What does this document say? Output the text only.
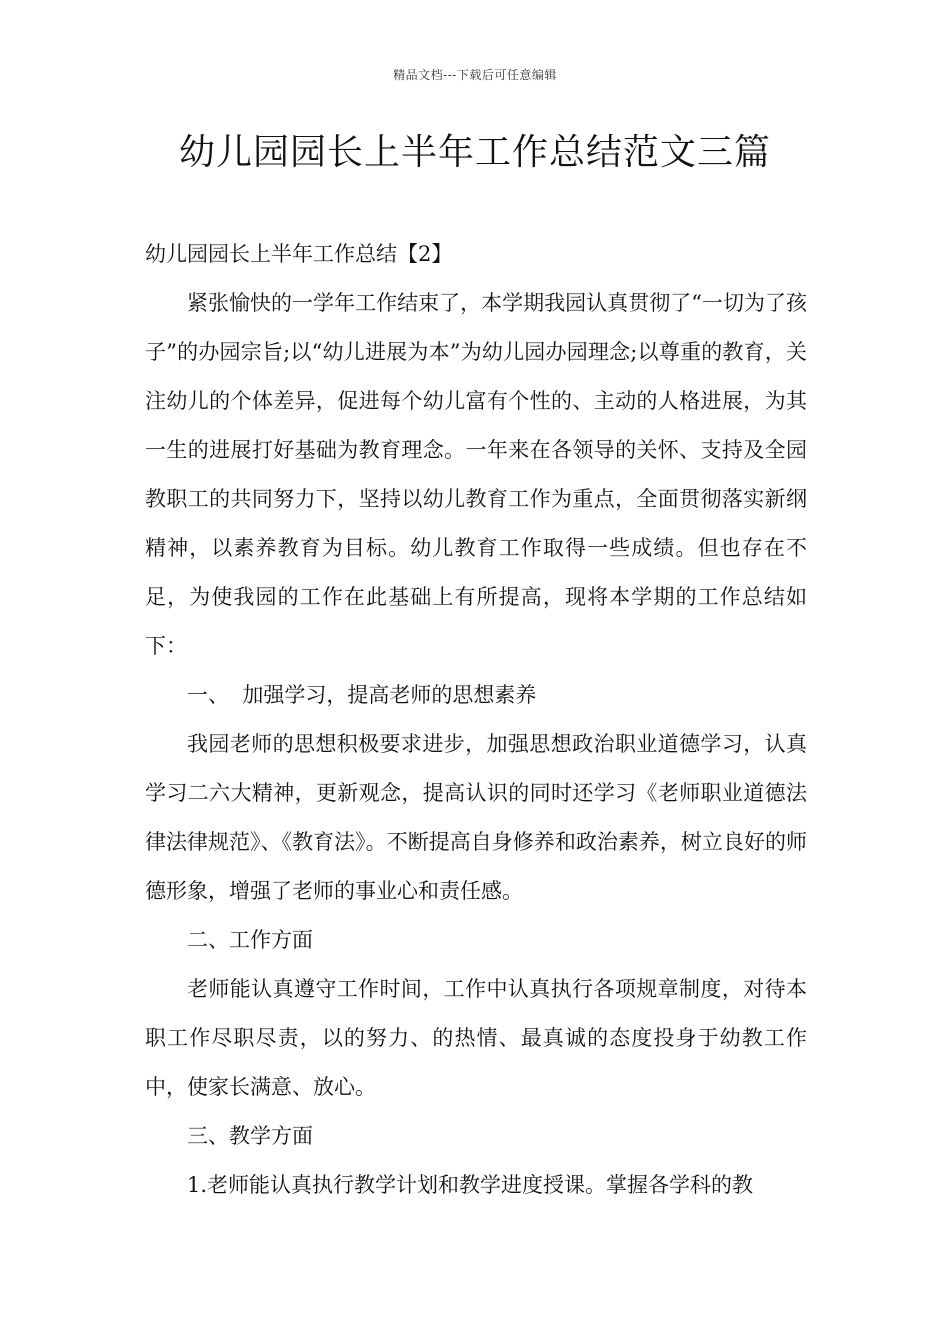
精品文档---下载后可任意编辑
幼儿园园长上半年工作总结范文三篇

幼儿园园长上半年工作总结【2】

紧张愉快的一学年工作结束了，本学期我园认真贯彻了“一切为了孩子”的办园宗旨;以“幼儿进展为本”为幼儿园办园理念;以尊重的教育，关注幼儿的个体差异，促进每个幼儿富有个性的、主动的人格进展，为其一生的进展打好基础为教育理念。一年来在各领导的关怀、支持及全园教职工的共同努力下，坚持以幼儿教育工作为重点，全面贯彻落实新纲精神，以素养教育为目标。幼儿教育工作取得一些成绩。但也存在不足，为使我园的工作在此基础上有所提高，现将本学期的工作总结如下：

一、  加强学习，提高老师的思想素养

我园老师的思想积极要求进步，加强思想政治职业道德学习，认真学习二六大精神，更新观念，提高认识的同时还学习《老师职业道德法律法律规范》、《教育法》。不断提高自身修养和政治素养，树立良好的师德形象，增强了老师的事业心和责任感。

二、工作方面

老师能认真遵守工作时间，工作中认真执行各项规章制度，对待本职工作尽职尽责，以的努力、的热情、最真诚的态度投身于幼教工作中，使家长满意、放心。

三、教学方面

1.老师能认真执行教学计划和教学进度授课。掌握各学科的教
